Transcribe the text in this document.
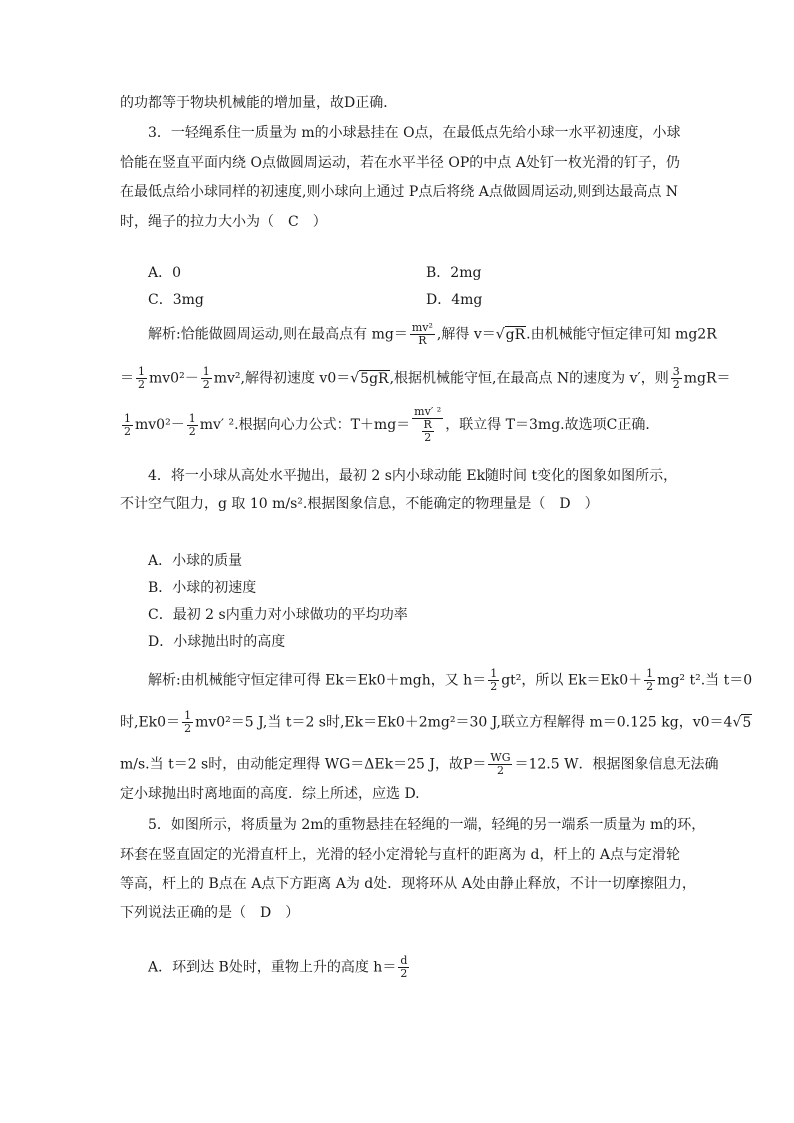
的功都等于物块机械能的增加量，故D正确．
3．一轻绳系住一质量为 m的小球悬挂在 O点，在最低点先给小球一水平初速度，小球
恰能在竖直平面内绕 O点做圆周运动，若在水平半径 OP的中点 A处钉一枚光滑的钉子，仍
在最低点给小球同样的初速度,则小球向上通过 P点后将绕 A点做圆周运动,则到达最高点 N
时，绳子的拉力大小为（　C　）
A．0	B．2mg
C．3mg	D．4mg
解析:恰能做圆周运动,则在最高点有 $mg= \frac{\text{mv²}}{R}$ ,解得 v＝√gR.由机械能守恒定律可知 mg2R
＝ $\frac{1}{2} mv0^2- \frac{1}{2} mv^2$,解得初速度 v0＝√5gR,根据机械能守恒,在最高点 N的速度为 v′，则 $\frac{3}{2} mgR=$
$\frac{1}{2} mv0^2- \frac{1}{2} mv'$ ².根据向心力公式：$T+mg= \frac{\text{mv′ ²}}{\frac{R}{2}}$ ，联立得 T＝3mg.故选项C正确．
4．将一小球从高处水平抛出，最初 2 s内小球动能 Ek随时间 t变化的图象如图所示，
不计空气阻力，g 取 10 m/s².根据图象信息，不能确定的物理量是（　D　）
A．小球的质量
B．小球的初速度
C．最初 2 s内重力对小球做功的平均功率
D．小球抛出时的高度
解析:由机械能守恒定律可得 Ek＝Ek0＋mgh，又 $h= \frac{1}{2} gt^2$，所以 $Ek=Ek0+ \frac{1}{2} mg^2$ t².当 t＝0
时$,Ek0= \frac{1}{2} mv0^2=5$ J,当 t＝2 s时,Ek＝Ek0＋2mg²＝30 J,联立方程解得 m＝0.125 kg，v0＝4√5
m/s.当 t＝2 s时，由动能定理得 WG＝ΔEk＝25 J，故$P= \frac{WG}{2} =12.5$ W．根据图象信息无法确
定小球抛出时离地面的高度．综上所述，应选 D.
5．如图所示，将质量为 2m的重物悬挂在轻绳的一端，轻绳的另一端系一质量为 m的环，
环套在竖直固定的光滑直杆上，光滑的轻小定滑轮与直杆的距离为 d，杆上的 A点与定滑轮
等高，杆上的 B点在 A点下方距离 A为 d处．现将环从 A处由静止释放，不计一切摩擦阻力，
下列说法正确的是（　D　）
A．环到达 B处时，重物上升的高度 $h= \frac{d}{2}$
